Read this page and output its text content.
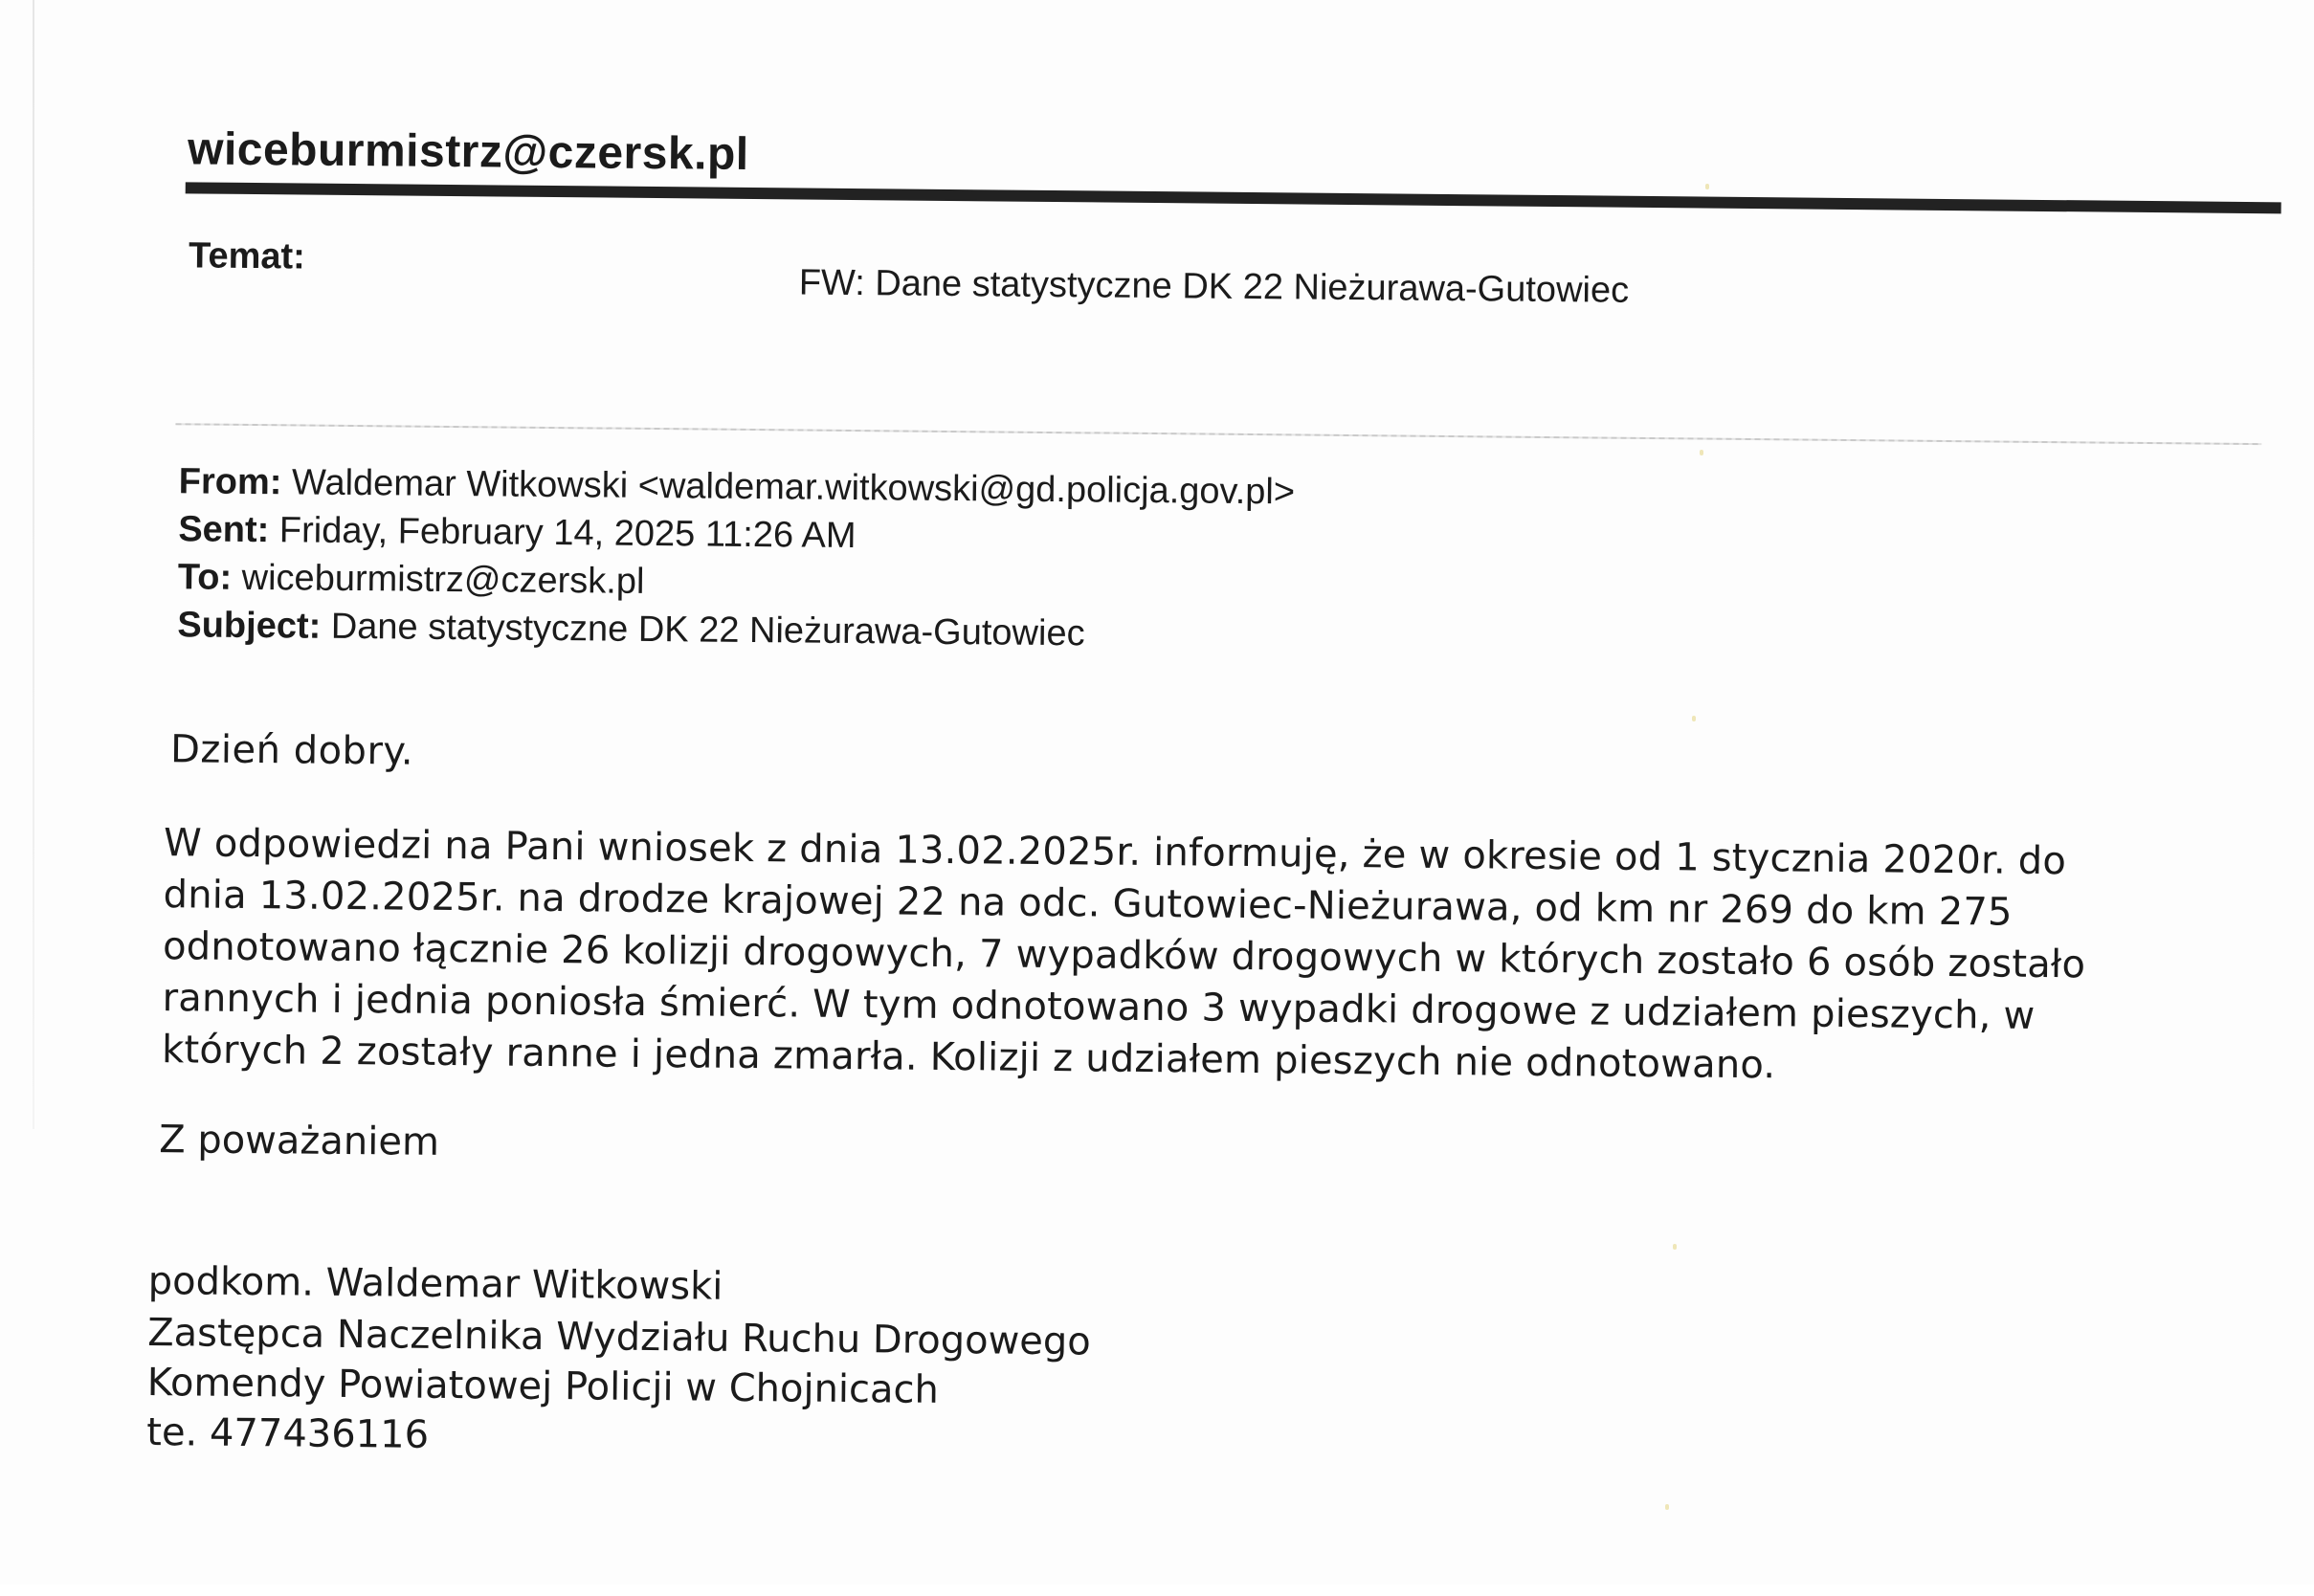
wiceburmistrz@czersk.pl
Temat:
FW: Dane statystyczne DK 22 Nieżurawa-Gutowiec
From: Waldemar Witkowski <waldemar.witkowski@gd.policja.gov.pl>
Sent: Friday, February 14, 2025 11:26 AM
To: wiceburmistrz@czersk.pl
Subject: Dane statystyczne DK 22 Nieżurawa-Gutowiec
Dzień dobry.
W odpowiedzi na Pani wniosek z dnia 13.02.2025r. informuję, że w okresie od 1 stycznia 2020r. do
dnia 13.02.2025r. na drodze krajowej 22 na odc. Gutowiec-Nieżurawa, od km nr 269 do km 275
odnotowano łącznie 26 kolizji drogowych, 7 wypadków drogowych w których zostało 6 osób zostało
rannych i jednia poniosła śmierć. W tym odnotowano 3 wypadki drogowe z udziałem pieszych, w
których 2 zostały ranne i jedna zmarła. Kolizji z udziałem pieszych nie odnotowano.
Z poważaniem
podkom. Waldemar Witkowski
Zastępca Naczelnika Wydziału Ruchu Drogowego
Komendy Powiatowej Policji w Chojnicach
te. 477436116
